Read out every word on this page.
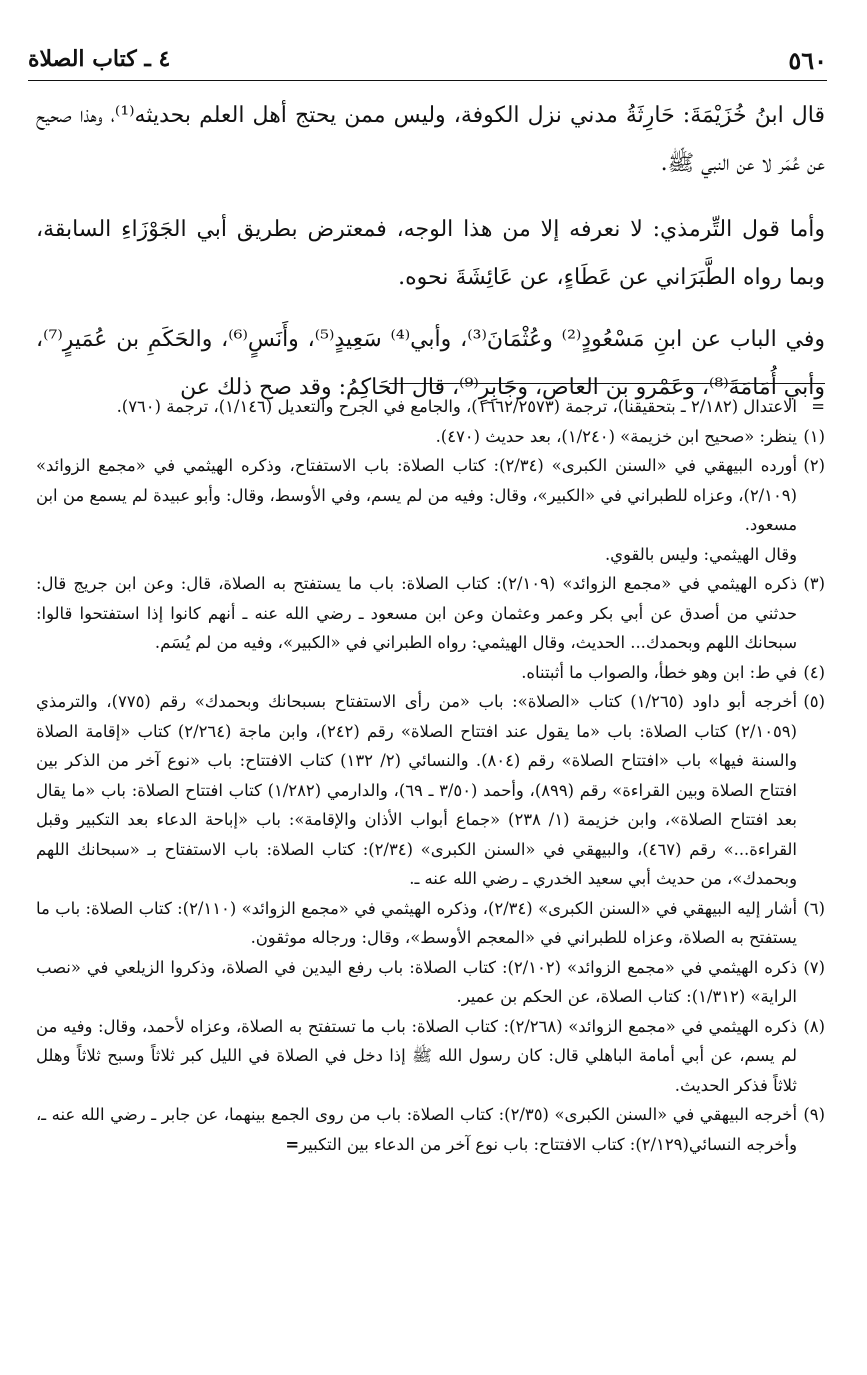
٥٦٠
٤ ـ كتاب الصلاة

قال ابنُ خُزَيْمَةَ: حَارِثَةُ مدني نزل الكوفة، وليس ممن يحتج أهل العلم بحديثه⁽¹⁾، وهذا صحيح عن عُمَر لا عن النبي ﷺ.

وأما قول التِّرمذي: لا نعرفه إلا من هذا الوجه، فمعترض بطريق أبي الجَوْزَاءِ السابقة، وبما رواه الطَّبَرَاني عن عَطَاءٍ، عن عَائِشَةَ نحوه.

وفي الباب عن ابنِ مَسْعُودٍ⁽²⁾ وعُثْمَانَ⁽³⁾، وأبي⁽⁴⁾ سَعِيدٍ⁽⁵⁾، وأَنَسٍ⁽⁶⁾، والحَكَمِ بن عُمَيرٍ⁽⁷⁾، وأبي أُمَامَةَ⁽⁸⁾، وعَمْرو بن العاص، وجَابِرٍ⁽⁹⁾، قال الحَاكِمُ: وقد صح ذلك عن

=
الاعتدال (٢/١٨٢ ـ بتحقيقنا)، ترجمة (١٦٦٢/٢٥٧٣)، والجامع في الجرح والتعديل (١/١٤٦)، ترجمة (٧٦٠).

(١)
ينظر: «صحيح ابن خزيمة» (١/٢٤٠)، بعد حديث (٤٧٠).

(٢)
أورده البيهقي في «السنن الكبرى» (٢/٣٤): كتاب الصلاة: باب الاستفتاح، وذكره الهيثمي في «مجمع الزوائد» (٢/١٠٩)، وعزاه للطبراني في «الكبير»، وقال: وفيه من لم يسم، وفي الأوسط، وقال: وأبو عبيدة لم يسمع من ابن مسعود.

وقال الهيثمي: وليس بالقوي.

(٣)
ذكره الهيثمي في «مجمع الزوائد» (٢/١٠٩): كتاب الصلاة: باب ما يستفتح به الصلاة، قال: وعن ابن جريج قال: حدثني من أصدق عن أبي بكر وعمر وعثمان وعن ابن مسعود ـ رضي الله عنه ـ أنهم كانوا إذا استفتحوا قالوا: سبحانك اللهم وبحمدك... الحديث، وقال الهيثمي: رواه الطبراني في «الكبير»، وفيه من لم يُسَم.

(٤)
في ط: ابن وهو خطأ، والصواب ما أثبتناه.

(٥)
أخرجه أبو داود (١/٢٦٥) كتاب «الصلاة»: باب «من رأى الاستفتاح بسبحانك وبحمدك» رقم (٧٧٥)، والترمذي (٢/١٠٥٩) كتاب الصلاة: باب «ما يقول عند افتتاح الصلاة» رقم (٢٤٢)، وابن ماجة (٢/٢٦٤) كتاب «إقامة الصلاة والسنة فيها» باب «افتتاح الصلاة» رقم (٨٠٤). والنسائي (٢/ ١٣٢) كتاب الافتتاح: باب «نوع آخر من الذكر بين افتتاح الصلاة وبين القراءة» رقم (٨٩٩)، وأحمد (٣/٥٠ ـ ٦٩)، والدارمي (١/٢٨٢) كتاب افتتاح الصلاة: باب «ما يقال بعد افتتاح الصلاة»، وابن خزيمة (١/ ٢٣٨) «جماع أبواب الأذان والإقامة»: باب «إباحة الدعاء بعد التكبير وقبل القراءة...» رقم (٤٦٧)، والبيهقي في «السنن الكبرى» (٢/٣٤): كتاب الصلاة: باب الاستفتاح بـ «سبحانك اللهم وبحمدك»، من حديث أبي سعيد الخدري ـ رضي الله عنه ـ.

(٦)
أشار إليه البيهقي في «السنن الكبرى» (٢/٣٤)، وذكره الهيثمي في «مجمع الزوائد» (٢/١١٠): كتاب الصلاة: باب ما يستفتح به الصلاة، وعزاه للطبراني في «المعجم الأوسط»، وقال: ورجاله موثقون.

(٧)
ذكره الهيثمي في «مجمع الزوائد» (٢/١٠٢): كتاب الصلاة: باب رفع اليدين في الصلاة، وذكروا الزيلعي في «نصب الراية» (١/٣١٢): كتاب الصلاة، عن الحكم بن عمير.

(٨)
ذكره الهيثمي في «مجمع الزوائد» (٢/٢٦٨): كتاب الصلاة: باب ما تستفتح به الصلاة، وعزاه لأحمد، وقال: وفيه من لم يسم، عن أبي أمامة الباهلي قال: كان رسول الله ﷺ إذا دخل في الصلاة في الليل كبر ثلاثاً وسبح ثلاثاً وهلل ثلاثاً فذكر الحديث.

(٩)
أخرجه البيهقي في «السنن الكبرى» (٢/٣٥): كتاب الصلاة: باب من روى الجمع بينهما، عن جابر ـ رضي الله عنه ـ، وأخرجه النسائي(٢/١٢٩): كتاب الافتتاح: باب نوع آخر من الدعاء بين التكبير=
